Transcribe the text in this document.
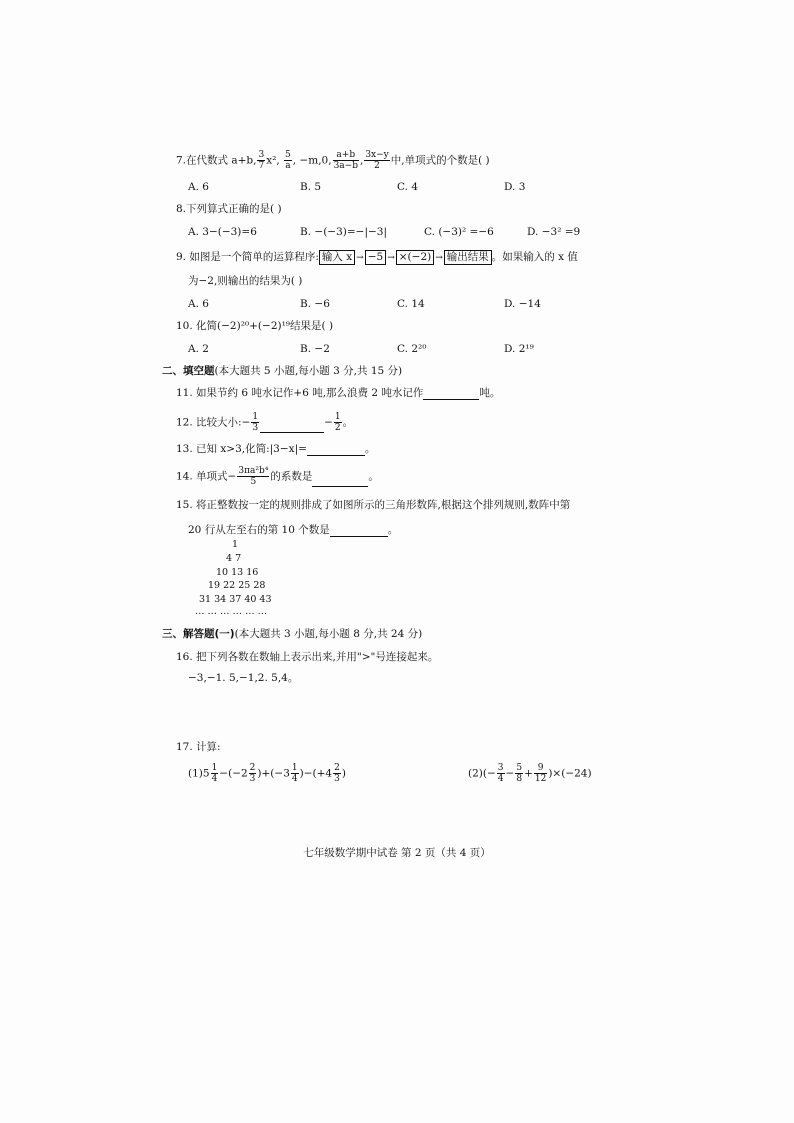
7.在代数式 a+b, $\frac{3}{7} x^2$, $\frac{5}{a}$ , −m,0, $\frac{a+b}{3a-b}$ , $\frac{3x-y}{2}$ 中,单项式的个数是( )
A. 6	B. 5	C. 4	D. 3
8.下列算式正确的是( )
A. 3−(−3)=6	B. −(−3)=−|−3|	C. (−3)² =−6	D. −3² =9
9. 如图是一个简单的运算程序: 输入 x → −5 → ×(−2) → 输出结果 。如果输入的 x 值
为−2,则输出的结果为( )
A. 6	B. −6	C. 14	D. −14
10. 化简(−2)²⁰+(−2)¹⁹结果是( )
A. 2	B. −2	C. 2²⁰	D. 2¹⁹
二、填空题(本大题共 5 小题,每小题 3 分,共 15 分)
11. 如果节约 6 吨水记作+6 吨,那么浪费 2 吨水记作	吨。
12. 比较大小:− $\frac{1}{3}$	− $\frac{1}{2}$ 。
13. 已知 x>3,化简:|3−x|=	。
14. 单项式− $\frac{\text{3πa²b⁴}}{5}$ 的系数是	。
15. 将正整数按一定的规则排成了如图所示的三角形数阵,根据这个排列规则,数阵中第
20 行从左至右的第 10 个数是	。
1
4 7
10 13 16
19 22 25 28
31 34 37 40 43
… … … … … …
三、解答题(一)(本大题共 3 小题,每小题 8 分,共 24 分)
16. 把下列各数在数轴上表示出来,并用">"号连接起来。
−3,−1. 5,−1,2. 5,4。
17. 计算:
$(1)5 \frac{1}{4} -(-2 \frac{2}{3} )+(-3 \frac{1}{4} )-(+4 \frac{2}{3}$ )	$(2)(- \frac{3}{4} - \frac{5}{8} + \frac{9}{12} )\times(-24)$
七年级数学期中试卷 第 2 页（共 4 页）
